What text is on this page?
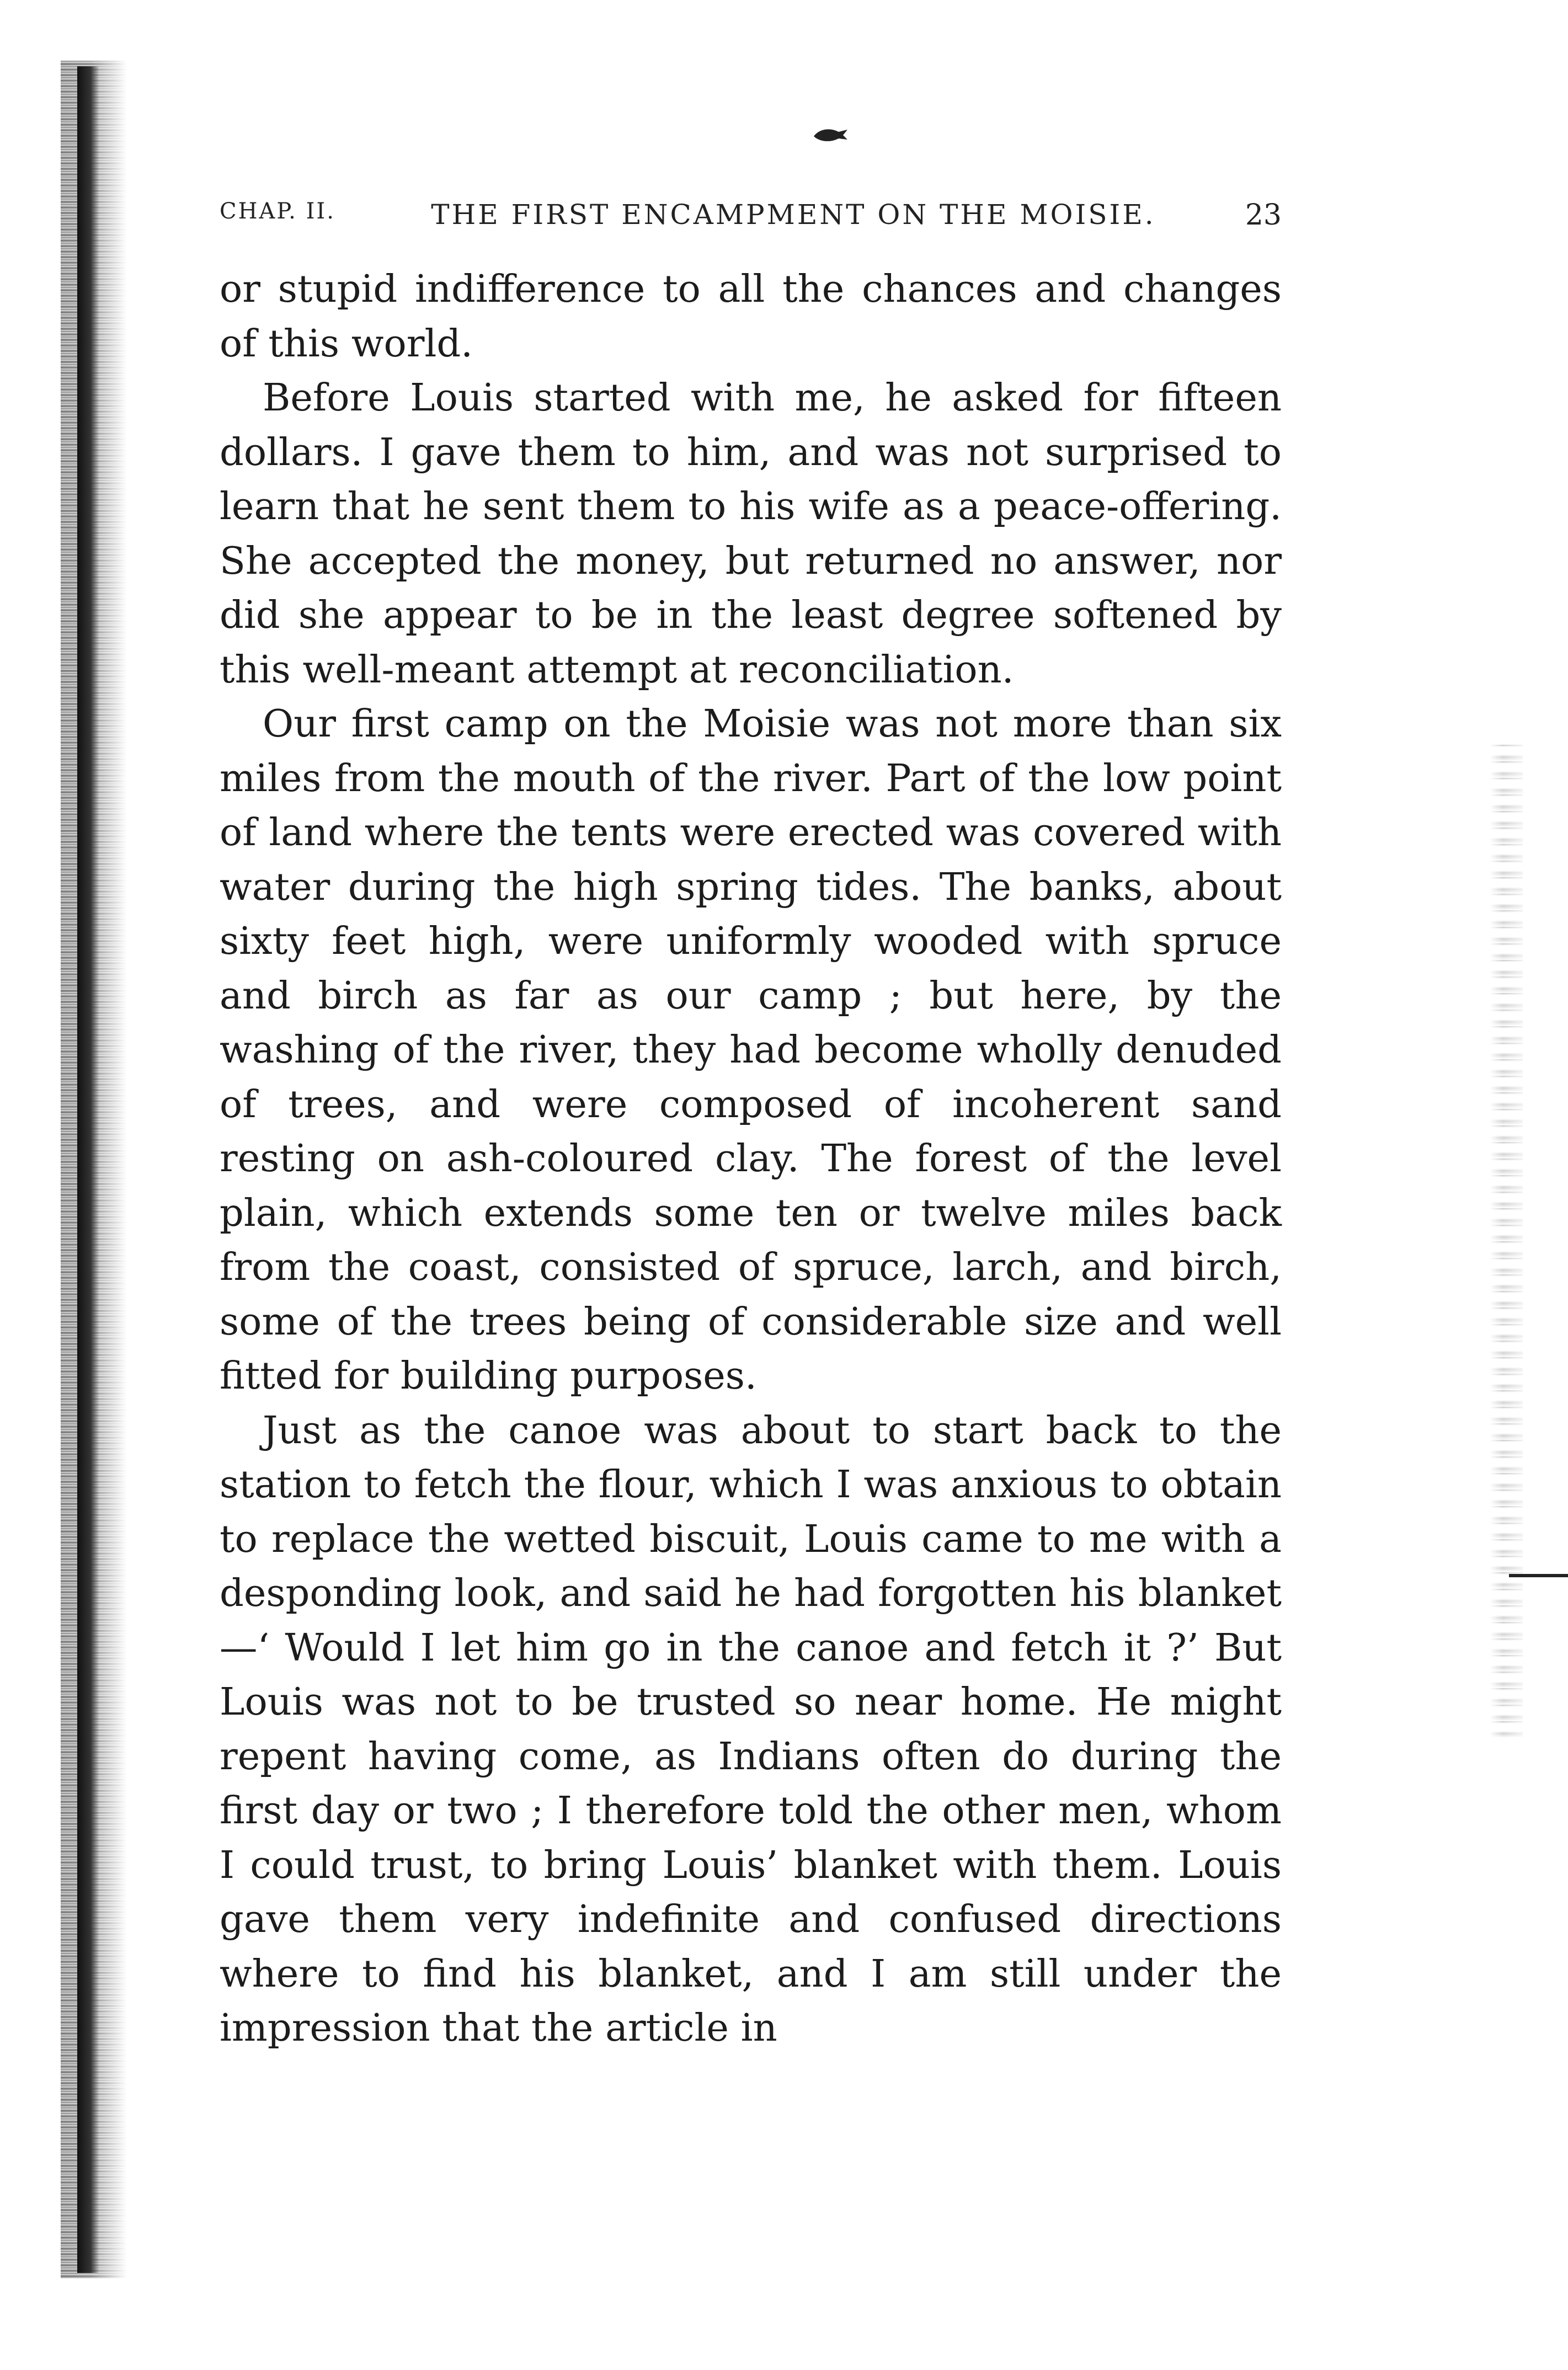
CHAP. II.	THE FIRST ENCAMPMENT ON THE MOISIE.	23

or stupid indifference to all the chances and changes of this world.

Before Louis started with me, he asked for fifteen dollars. I gave them to him, and was not surprised to learn that he sent them to his wife as a peace-offering. She accepted the money, but returned no answer, nor did she appear to be in the least degree softened by this well-meant attempt at reconciliation.

Our first camp on the Moisie was not more than six miles from the mouth of the river. Part of the low point of land where the tents were erected was covered with water during the high spring tides. The banks, about sixty feet high, were uniformly wooded with spruce and birch as far as our camp ; but here, by the washing of the river, they had become wholly denuded of trees, and were composed of incoherent sand resting on ash-coloured clay. The forest of the level plain, which extends some ten or twelve miles back from the coast, consisted of spruce, larch, and birch, some of the trees being of considerable size and well fitted for building purposes.

Just as the canoe was about to start back to the station to fetch the flour, which I was anxious to obtain to replace the wetted biscuit, Louis came to me with a desponding look, and said he had forgotten his blanket —‘ Would I let him go in the canoe and fetch it ?’ But Louis was not to be trusted so near home. He might repent having come, as Indians often do during the first day or two ; I therefore told the other men, whom I could trust, to bring Louis’ blanket with them. Louis gave them very indefinite and confused directions where to find his blanket, and I am still under the impression that the article in
